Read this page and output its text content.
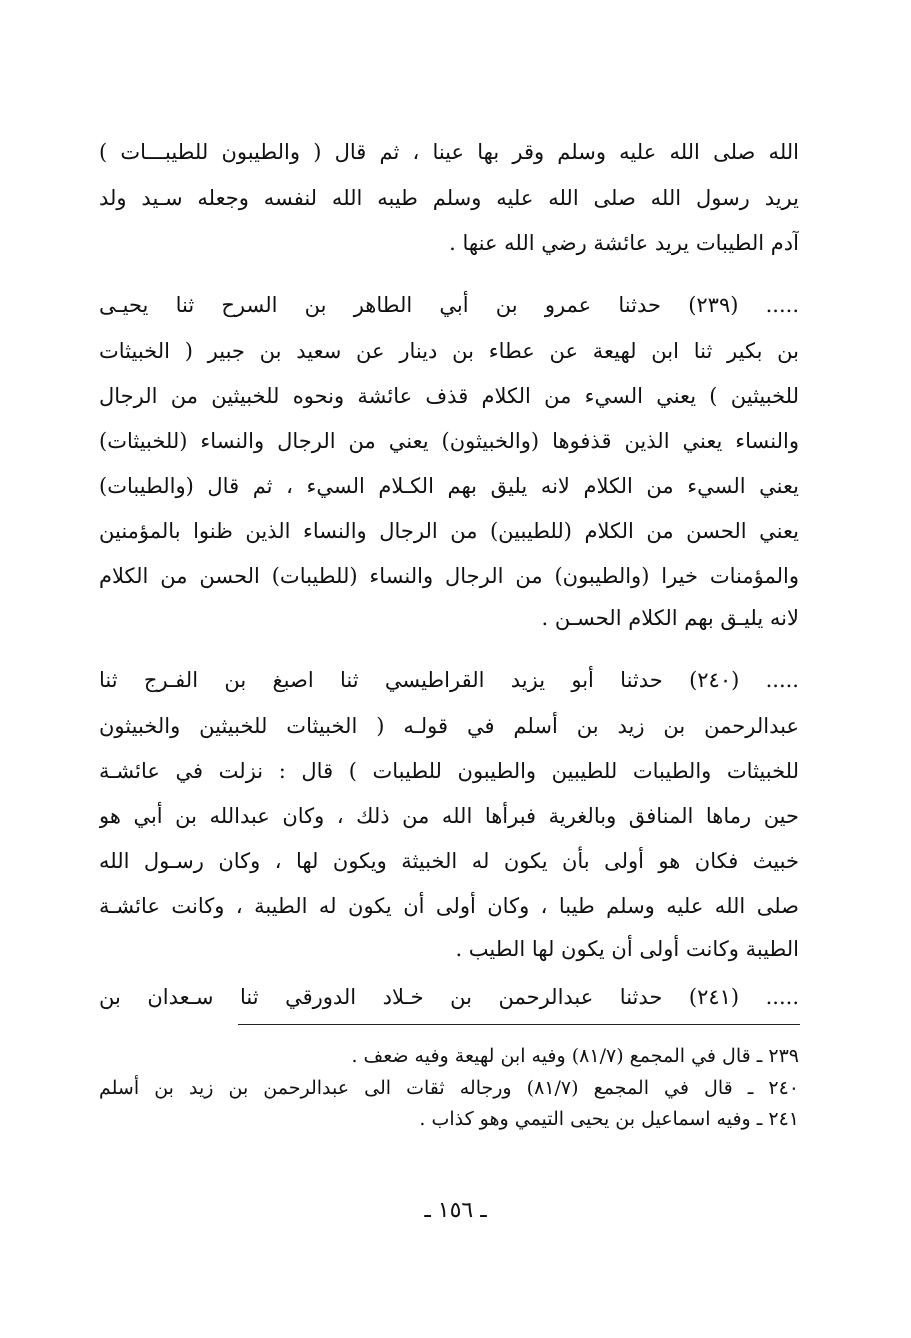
الله صلى الله عليه وسلم وقر بها عينا ، ثم قال ( والطيبون للطيبـــات )
يريد رسول الله صلى الله عليه وسلم طيبه الله لنفسه وجعله سـيد ولد
آدم الطيبات يريد عائشة رضي الله عنها .
..... (٢٣٩) حدثنا عمرو بن أبي الطاهر بن السرح ثنا يحيـى
بن بكير ثنا ابن لهيعة عن عطاء بن دينار عن سعيد بن جبير ( الخبيثات
للخبيثين ) يعني السيء من الكلام قذف عائشة ونحوه للخبيثين من الرجال
والنساء يعني الذين قذفوها (والخبيثون) يعني من الرجال والنساء (للخبيثات)
يعني السيء من الكلام لانه يليق بهم الكـلام السيء ، ثم قال (والطيبات)
يعني الحسن من الكلام (للطيبين) من الرجال والنساء الذين ظنوا بالمؤمنين
والمؤمنات خيرا (والطيبون) من الرجال والنساء (للطيبات) الحسن من الكلام
لانه يليـق بهم الكلام الحسـن .
..... (٢٤٠) حدثنا أبو يزيد القراطيسي ثنا اصبغ بن الفـرج ثنا
عبدالرحمن بن زيد بن أسلم في قولـه ( الخبيثات للخبيثين والخبيثون
للخبيثات والطيبات للطيبين والطيبون للطيبات ) قال : نزلت في عائشـة
حين رماها المنافق وبالغرية فبرأها الله من ذلك ، وكان عبدالله بن أبي هو
خبيث فكان هو أولى بأن يكون له الخبيثة ويكون لها ، وكان رسـول الله
صلى الله عليه وسلم طيبا ، وكان أولى أن يكون له الطيبة ، وكانت عائشـة
الطيبة وكانت أولى أن يكون لها الطيب .
..... (٢٤١) حدثنا عبدالرحمن بن خـلاد الدورقي ثنا سـعدان بن
٢٣٩ ـ قال في المجمع (٨١/٧) وفيه ابن لهيعة وفيه ضعف .
٢٤٠ ـ قال في المجمع (٨١/٧) ورجاله ثقات الى عبدالرحمن بن زيد بن أسلم
٢٤١ ـ وفيه اسماعيل بن يحيى التيمي وهو كذاب .
ـ ١٥٦ ـ
